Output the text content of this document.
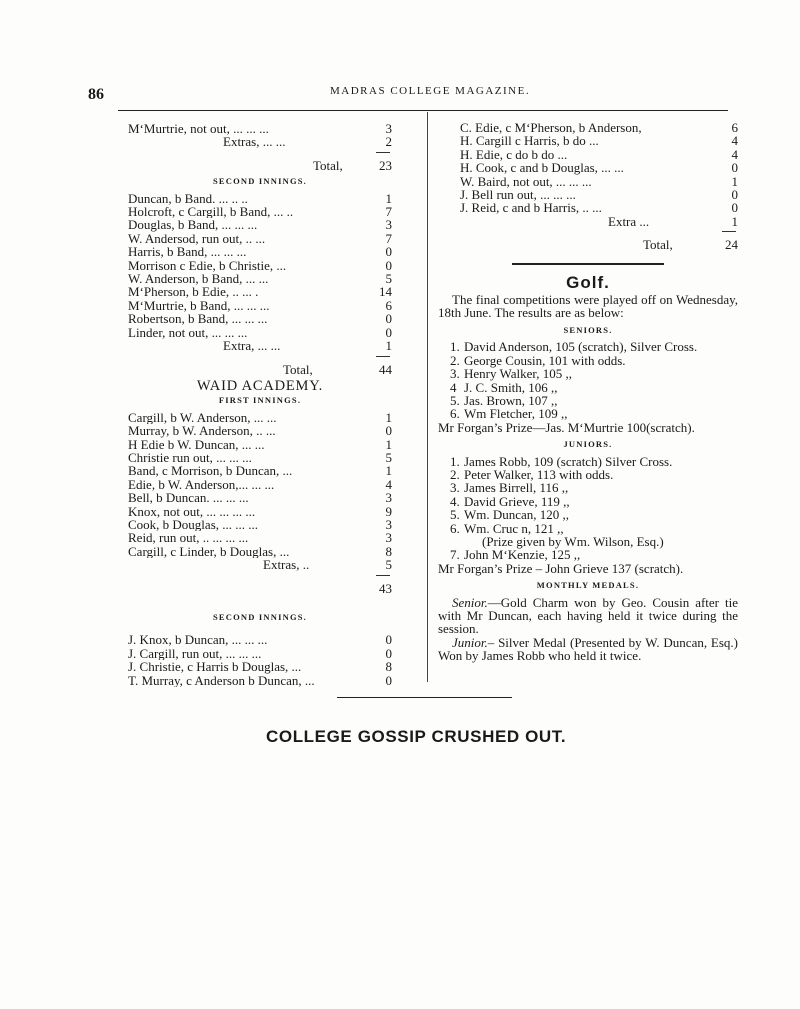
86	MADRAS COLLEGE MAGAZINE.
M‘Murtrie, not out, ... ... ...	3
Extras, ... ...	2
Total,	23
SECOND INNINGS.
Duncan, b Band. ... .. ..	1
Holcroft, c Cargill, b Band, ... ..	7
Douglas, b Band, ... ... ...	3
W. Andersod, run out, .. ...	7
Harris, b Band, ... ... ...	0
Morrison c Edie, b Christie, ...	0
W. Anderson, b Band, ... ...	5
M‘Pherson, b Edie, .. ... .	14
M‘Murtrie, b Band, ... ... ...	6
Robertson, b Band, ... ... ...	0
Linder, not out, ... ... ...	0
Extra, ... ...	1
Total,	44
WAID ACADEMY.
FIRST INNINGS.
Cargill, b W. Anderson, ... ...	1
Murray, b W. Anderson, .. ...	0
H Edie b W. Duncan, ... ...	1
Christie run out, ... ... ...	5
Band, c Morrison, b Duncan, ...	1
Edie, b W. Anderson,... ... ...	4
Bell, b Duncan. ... ... ...	3
Knox, not out, ... ... ... ...	9
Cook, b Douglas, ... ... ...	3
Reid, run out, .. ... ... ...	3
Cargill, c Linder, b Douglas, ...	8
Extras, ..	5
43
SECOND INNINGS.
J. Knox, b Duncan, ... ... ...	0
J. Cargill, run out, ... ... ...	0
J. Christie, c Harris b Douglas, ...	8
T. Murray, c Anderson b Duncan, ...	0
C. Edie, c M‘Pherson, b Anderson,	6
H. Cargill c Harris, b do ...	4
H. Edie, c do b do ...	4
H. Cook, c and b Douglas, ... ...	0
W. Baird, not out, ... ... ...	1
J. Bell run out, ... ... ...	0
J. Reid, c and b Harris, .. ...	0
Extra ...	1
Total,	24
Golf.
The final competitions were played off on Wednesday, 18th June. The results are as below:
SENIORS.
1. David Anderson, 105 (scratch), Silver Cross.
2. George Cousin, 101 with odds.
3. Henry Walker, 105 ,,
4 J. C. Smith, 106 ,,
5. Jas. Brown, 107 ,,
6. Wm Fletcher, 109 ,,
Mr Forgan’s Prize—Jas. M‘Murtrie 100(scratch).
JUNIORS.
1. James Robb, 109 (scratch) Silver Cross.
2. Peter Walker, 113 with odds.
3. James Birrell, 116 ,,
4. David Grieve, 119 ,,
5. Wm. Duncan, 120 ,,
6. Wm. Cruc n, 121 ,,
(Prize given by Wm. Wilson, Esq.)
7. John M‘Kenzie, 125 ,,
Mr Forgan’s Prize – John Grieve 137 (scratch).
MONTHLY MEDALS.
Senior.—Gold Charm won by Geo. Cousin after tie with Mr Duncan, each having held it twice during the session.
Junior.– Silver Medal (Presented by W. Duncan, Esq.) Won by James Robb who held it twice.
COLLEGE GOSSIP CRUSHED OUT.
